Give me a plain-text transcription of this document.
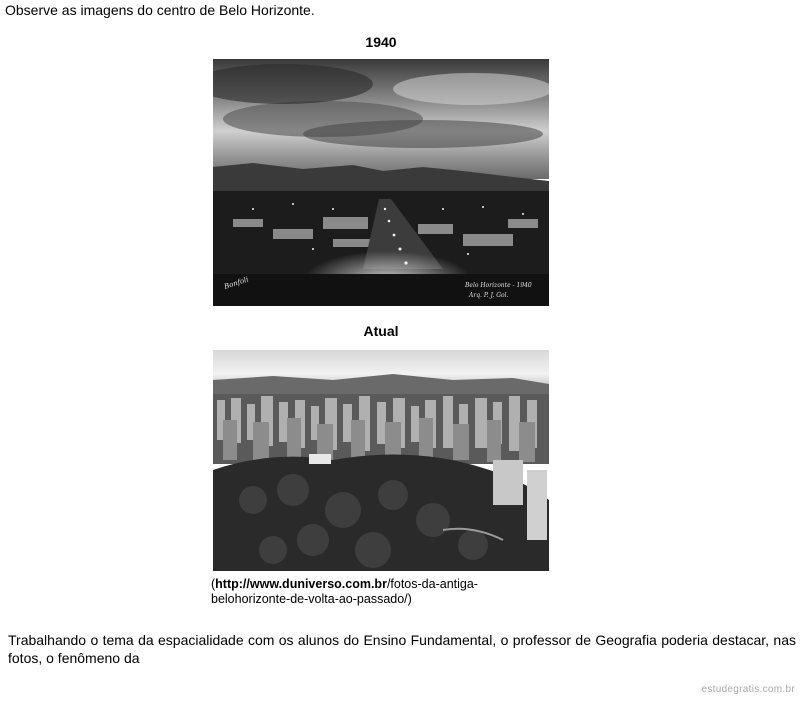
Observe as imagens do centro de Belo Horizonte.
1940
Bonfoli	Belo Horizonte - 1940
Arq. P. J. Gol.
Atual
(http://www.duniverso.com.br/fotos-da-antiga-belohorizonte-de-volta-ao-passado/)
Trabalhando o tema da espacialidade com os alunos do Ensino Fundamental, o professor de Geografia poderia destacar, nas fotos, o fenômeno da
estudegratis.com.br
